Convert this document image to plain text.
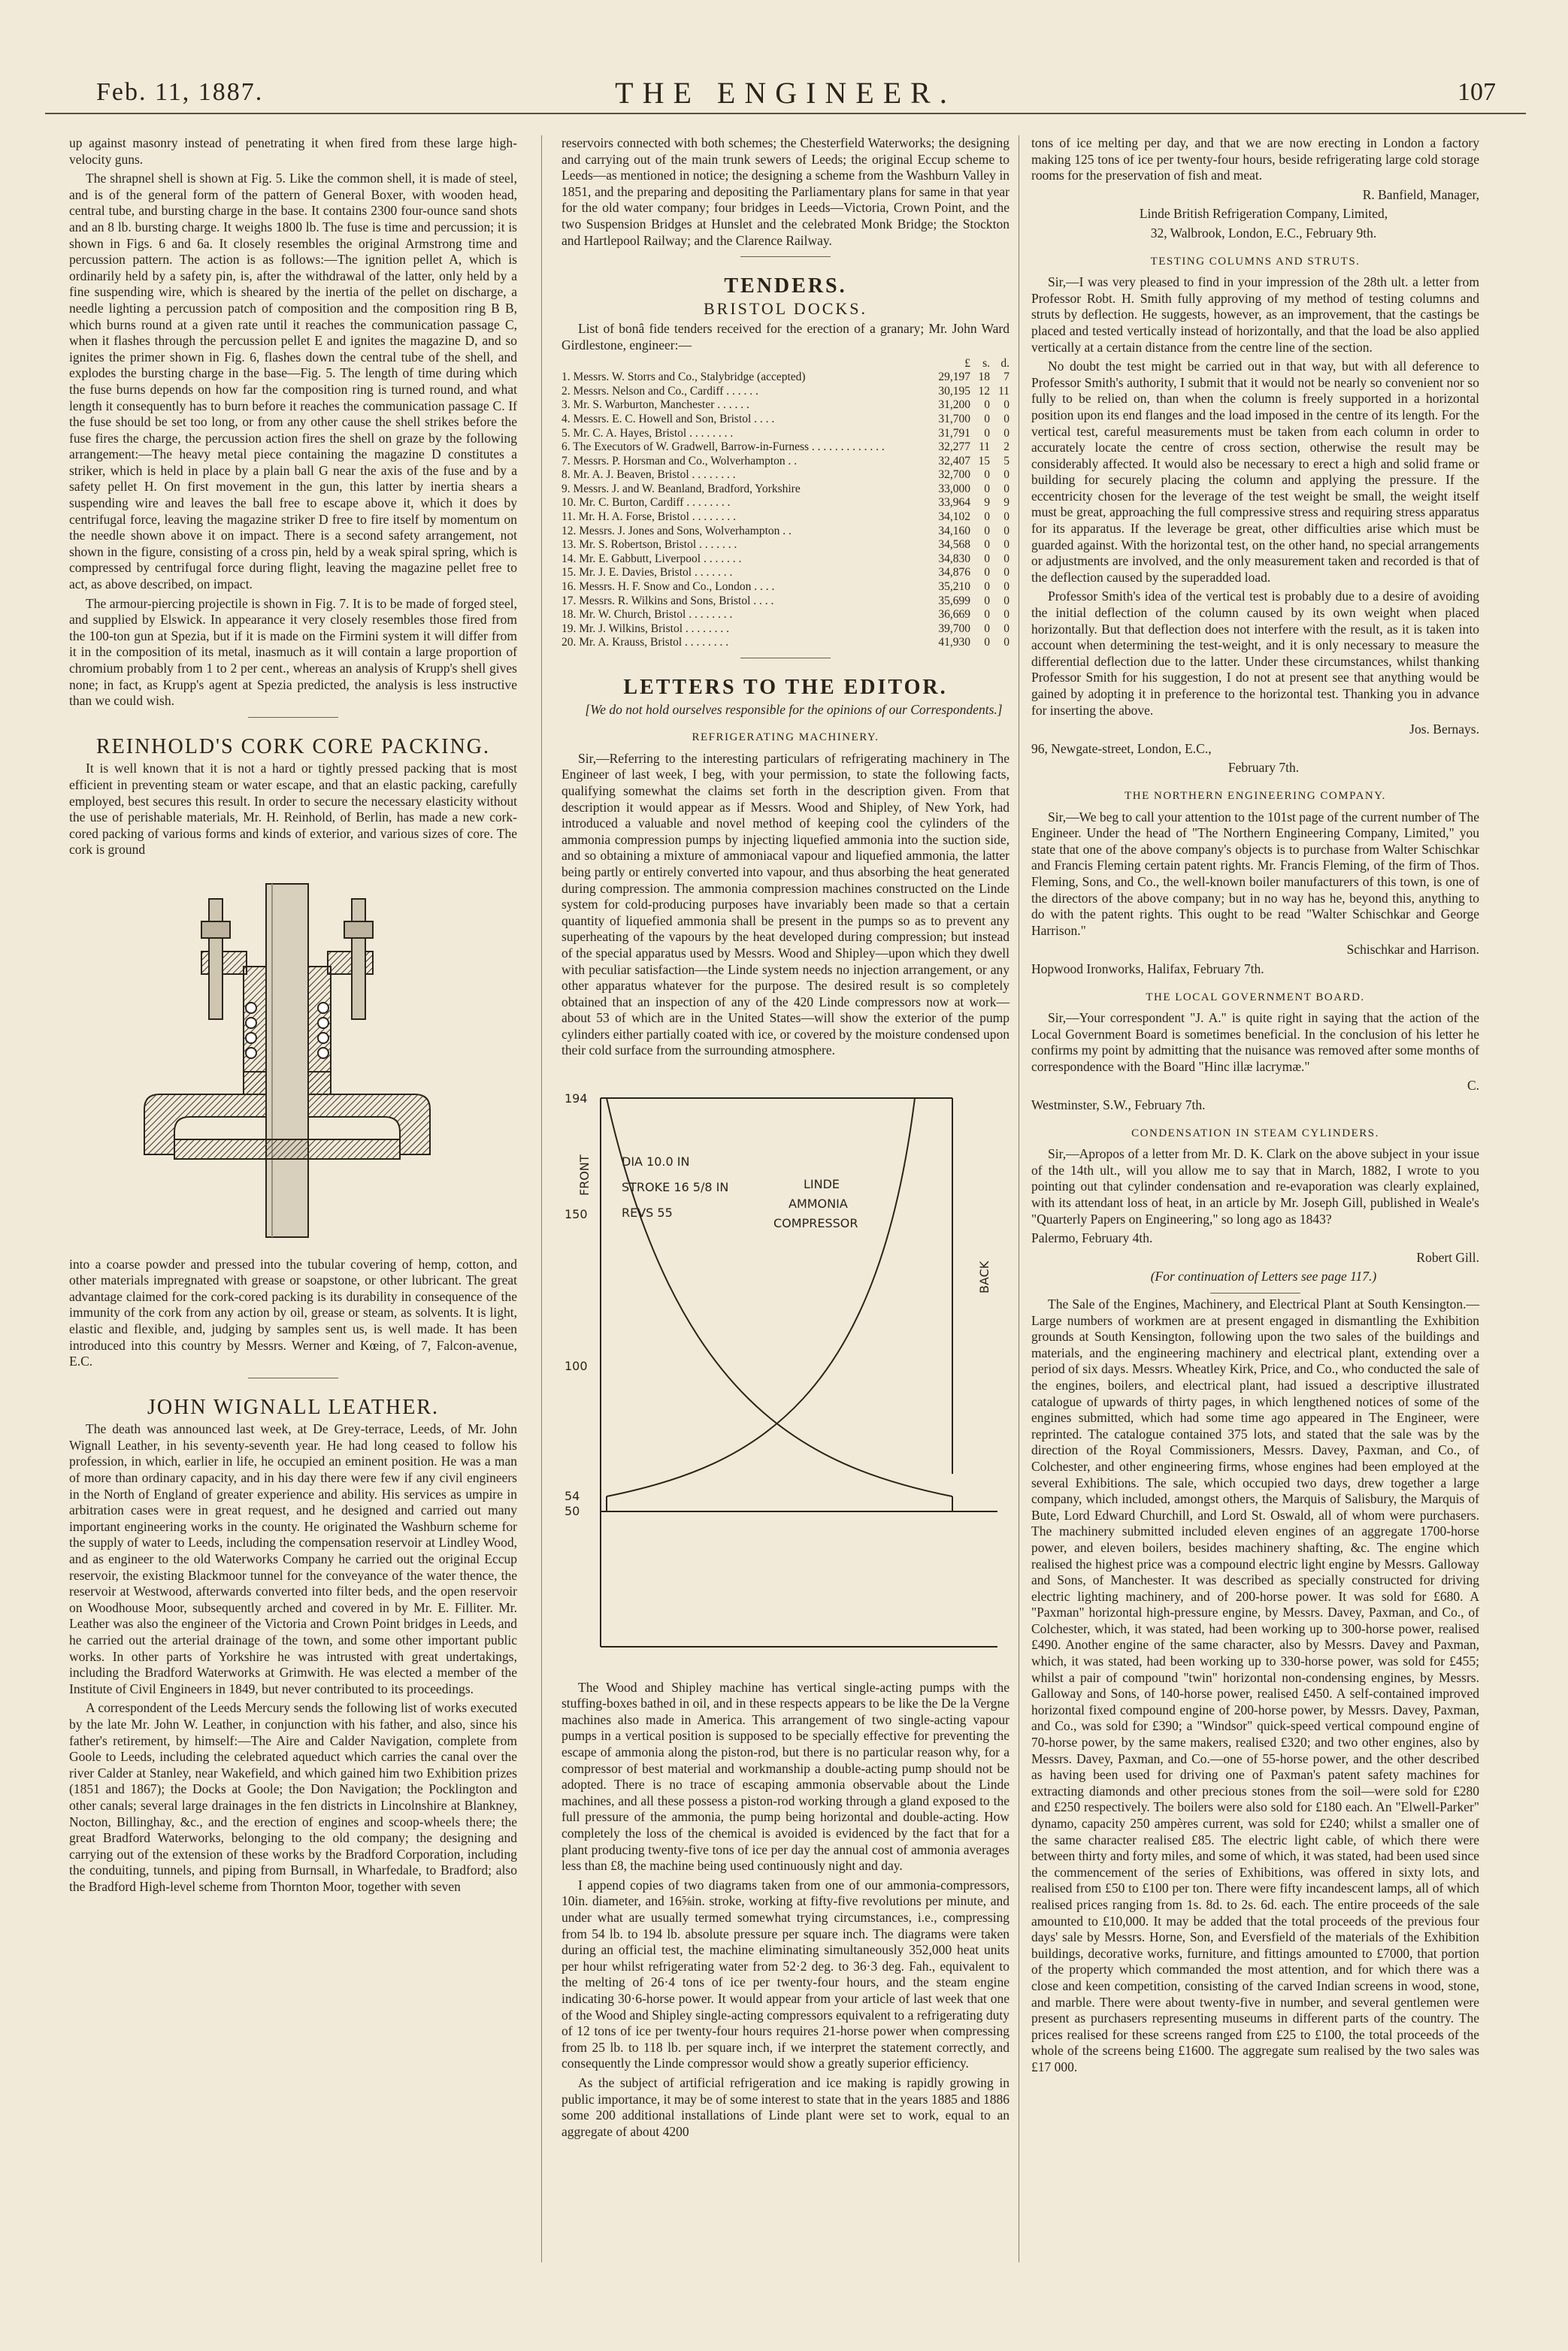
Feb. 11, 1887.	THE ENGINEER.	107

up against masonry instead of penetrating it when fired from these large high-velocity guns.

The shrapnel shell is shown at Fig. 5. Like the common shell, it is made of steel, and is of the general form of the pattern of General Boxer, with wooden head, central tube, and bursting charge in the base. It contains 2300 four-ounce sand shots and an 8 lb. bursting charge. It weighs 1800 lb. The fuse is time and percussion; it is shown in Figs. 6 and 6a. It closely resembles the original Armstrong time and percussion pattern. The action is as follows:—The ignition pellet A, which is ordinarily held by a safety pin, is, after the withdrawal of the latter, only held by a fine suspending wire, which is sheared by the inertia of the pellet on discharge, a needle lighting a percussion patch of composition and the composition ring B B, which burns round at a given rate until it reaches the communication passage C, when it flashes through the percussion pellet E and ignites the magazine D, and so ignites the primer shown in Fig. 6, flashes down the central tube of the shell, and explodes the bursting charge in the base—Fig. 5. The length of time during which the fuse burns depends on how far the composition ring is turned round, and what length it consequently has to burn before it reaches the communication passage C. If the fuse should be set too long, or from any other cause the shell strikes before the fuse fires the charge, the percussion action fires the shell on graze by the following arrangement:—The heavy metal piece containing the magazine D constitutes a striker, which is held in place by a plain ball G near the axis of the fuse and by a safety pellet H. On first movement in the gun, this latter by inertia shears a suspending wire and leaves the ball free to escape above it, which it does by centrifugal force, leaving the magazine striker D free to fire itself by momentum on the needle shown above it on impact. There is a second safety arrangement, not shown in the figure, consisting of a cross pin, held by a weak spiral spring, which is compressed by centrifugal force during flight, leaving the magazine pellet free to act, as above described, on impact.

The armour-piercing projectile is shown in Fig. 7. It is to be made of forged steel, and supplied by Elswick. In appearance it very closely resembles those fired from the 100-ton gun at Spezia, but if it is made on the Firmini system it will differ from it in the composition of its metal, inasmuch as it will contain a large proportion of chromium probably from 1 to 2 per cent., whereas an analysis of Krupp's shell gives none; in fact, as Krupp's agent at Spezia predicted, the analysis is less instructive than we could wish.

REINHOLD'S CORK CORE PACKING.

It is well known that it is not a hard or tightly pressed packing that is most efficient in preventing steam or water escape, and that an elastic packing, carefully employed, best secures this result. In order to secure the necessary elasticity without the use of perishable materials, Mr. H. Reinhold, of Berlin, has made a new cork-cored packing of various forms and kinds of exterior, and various sizes of core. The cork is ground

into a coarse powder and pressed into the tubular covering of hemp, cotton, and other materials impregnated with grease or soapstone, or other lubricant. The great advantage claimed for the cork-cored packing is its durability in consequence of the immunity of the cork from any action by oil, grease or steam, as solvents. It is light, elastic and flexible, and, judging by samples sent us, is well made. It has been introduced into this country by Messrs. Werner and Kœing, of 7, Falcon-avenue, E.C.

JOHN WIGNALL LEATHER.

The death was announced last week, at De Grey-terrace, Leeds, of Mr. John Wignall Leather, in his seventy-seventh year. He had long ceased to follow his profession, in which, earlier in life, he occupied an eminent position. He was a man of more than ordinary capacity, and in his day there were few if any civil engineers in the North of England of greater experience and ability. His services as umpire in arbitration cases were in great request, and he designed and carried out many important engineering works in the county. He originated the Washburn scheme for the supply of water to Leeds, including the compensation reservoir at Lindley Wood, and as engineer to the old Waterworks Company he carried out the original Eccup reservoir, the existing Blackmoor tunnel for the conveyance of the water thence, the reservoir at Westwood, afterwards converted into filter beds, and the open reservoir on Woodhouse Moor, subsequently arched and covered in by Mr. E. Filliter. Mr. Leather was also the engineer of the Victoria and Crown Point bridges in Leeds, and he carried out the arterial drainage of the town, and some other important public works. In other parts of Yorkshire he was intrusted with great undertakings, including the Bradford Waterworks at Grimwith. He was elected a member of the Institute of Civil Engineers in 1849, but never contributed to its proceedings.

A correspondent of the Leeds Mercury sends the following list of works executed by the late Mr. John W. Leather, in conjunction with his father, and also, since his father's retirement, by himself:—The Aire and Calder Navigation, complete from Goole to Leeds, including the celebrated aqueduct which carries the canal over the river Calder at Stanley, near Wakefield, and which gained him two Exhibition prizes (1851 and 1867); the Docks at Goole; the Don Navigation; the Pocklington and other canals; several large drainages in the fen districts in Lincolnshire at Blankney, Nocton, Billinghay, &c., and the erection of engines and scoop-wheels there; the great Bradford Waterworks, belonging to the old company; the designing and carrying out of the extension of these works by the Bradford Corporation, including the conduiting, tunnels, and piping from Burnsall, in Wharfedale, to Bradford; also the Bradford High-level scheme from Thornton Moor, together with seven

reservoirs connected with both schemes; the Chesterfield Waterworks; the designing and carrying out of the main trunk sewers of Leeds; the original Eccup scheme to Leeds—as mentioned in notice; the designing a scheme from the Washburn Valley in 1851, and the preparing and depositing the Parliamentary plans for same in that year for the old water company; four bridges in Leeds—Victoria, Crown Point, and the two Suspension Bridges at Hunslet and the celebrated Monk Bridge; the Stockton and Hartlepool Railway; and the Clarence Railway.

TENDERS.
BRISTOL DOCKS.

List of bonâ fide tenders received for the erection of a granary; Mr. John Ward Girdlestone, engineer:—

	£	s.	d.
1. Messrs. W. Storrs and Co., Stalybridge (accepted)	29,197	18	7
2. Messrs. Nelson and Co., Cardiff . . . . . .	30,195	12	11
3. Mr. S. Warburton, Manchester . . . . . .	31,200	0	0
4. Messrs. E. C. Howell and Son, Bristol . . . .	31,700	0	0
5. Mr. C. A. Hayes, Bristol . . . . . . . .	31,791	0	0
6. The Executors of W. Gradwell, Barrow-in-Furness . . . . . . . . . . . . .	32,277	11	2
7. Messrs. P. Horsman and Co., Wolverhampton . .	32,407	15	5
8. Mr. A. J. Beaven, Bristol . . . . . . . .	32,700	0	0
9. Messrs. J. and W. Beanland, Bradford, Yorkshire	33,000	0	0
10. Mr. C. Burton, Cardiff . . . . . . . .	33,964	9	9
11. Mr. H. A. Forse, Bristol . . . . . . . .	34,102	0	0
12. Messrs. J. Jones and Sons, Wolverhampton . .	34,160	0	0
13. Mr. S. Robertson, Bristol . . . . . . .	34,568	0	0
14. Mr. E. Gabbutt, Liverpool . . . . . . .	34,830	0	0
15. Mr. J. E. Davies, Bristol . . . . . . .	34,876	0	0
16. Messrs. H. F. Snow and Co., London . . . .	35,210	0	0
17. Messrs. R. Wilkins and Sons, Bristol . . . .	35,699	0	0
18. Mr. W. Church, Bristol . . . . . . . .	36,669	0	0
19. Mr. J. Wilkins, Bristol . . . . . . . .	39,700	0	0
20. Mr. A. Krauss, Bristol . . . . . . . .	41,930	0	0
LETTERS TO THE EDITOR.

[We do not hold ourselves responsible for the opinions of our Correspondents.]

REFRIGERATING MACHINERY.

Sir,—Referring to the interesting particulars of refrigerating machinery in The Engineer of last week, I beg, with your permission, to state the following facts, qualifying somewhat the claims set forth in the description given. From that description it would appear as if Messrs. Wood and Shipley, of New York, had introduced a valuable and novel method of keeping cool the cylinders of the ammonia compression pumps by injecting liquefied ammonia into the suction side, and so obtaining a mixture of ammoniacal vapour and liquefied ammonia, the latter being partly or entirely converted into vapour, and thus absorbing the heat generated during compression. The ammonia compression machines constructed on the Linde system for cold-producing purposes have invariably been made so that a certain quantity of liquefied ammonia shall be present in the pumps so as to prevent any superheating of the vapours by the heat developed during compression; but instead of the special apparatus used by Messrs. Wood and Shipley—upon which they dwell with peculiar satisfaction—the Linde system needs no injection arrangement, or any other apparatus whatever for the purpose. The desired result is so completely obtained that an inspection of any of the 420 Linde compressors now at work—about 53 of which are in the United States—will show the exterior of the pump cylinders either partially coated with ice, or covered by the moisture condensed upon their cold surface from the surrounding atmosphere.

194
150
100
54
50
FRONT
BACK
DIA 10.0 IN
STROKE 16 5/8 IN
REVS 55
LINDE
AMMONIA
COMPRESSOR

The Wood and Shipley machine has vertical single-acting pumps with the stuffing-boxes bathed in oil, and in these respects appears to be like the De la Vergne machines also made in America. This arrangement of two single-acting vapour pumps in a vertical position is supposed to be specially effective for preventing the escape of ammonia along the piston-rod, but there is no particular reason why, for a compressor of best material and workmanship a double-acting pump should not be adopted. There is no trace of escaping ammonia observable about the Linde machines, and all these possess a piston-rod working through a gland exposed to the full pressure of the ammonia, the pump being horizontal and double-acting. How completely the loss of the chemical is avoided is evidenced by the fact that for a plant producing twenty-five tons of ice per day the annual cost of ammonia averages less than £8, the machine being used continuously night and day.

I append copies of two diagrams taken from one of our ammonia-compressors, 10in. diameter, and 16⅝in. stroke, working at fifty-five revolutions per minute, and under what are usually termed somewhat trying circumstances, i.e., compressing from 54 lb. to 194 lb. absolute pressure per square inch. The diagrams were taken during an official test, the machine eliminating simultaneously 352,000 heat units per hour whilst refrigerating water from 52·2 deg. to 36·3 deg. Fah., equivalent to the melting of 26·4 tons of ice per twenty-four hours, and the steam engine indicating 30·6-horse power. It would appear from your article of last week that one of the Wood and Shipley single-acting compressors equivalent to a refrigerating duty of 12 tons of ice per twenty-four hours requires 21-horse power when compressing from 25 lb. to 118 lb. per square inch, if we interpret the statement correctly, and consequently the Linde compressor would show a greatly superior efficiency.

As the subject of artificial refrigeration and ice making is rapidly growing in public importance, it may be of some interest to state that in the years 1885 and 1886 some 200 additional installations of Linde plant were set to work, equal to an aggregate of about 4200

tons of ice melting per day, and that we are now erecting in London a factory making 125 tons of ice per twenty-four hours, beside refrigerating large cold storage rooms for the preservation of fish and meat.

R. Banfield, Manager,

Linde British Refrigeration Company, Limited,

32, Walbrook, London, E.C., February 9th.

TESTING COLUMNS AND STRUTS.

Sir,—I was very pleased to find in your impression of the 28th ult. a letter from Professor Robt. H. Smith fully approving of my method of testing columns and struts by deflection. He suggests, however, as an improvement, that the castings be placed and tested vertically instead of horizontally, and that the load be also applied vertically at a certain distance from the centre line of the section.

No doubt the test might be carried out in that way, but with all deference to Professor Smith's authority, I submit that it would not be nearly so convenient nor so fully to be relied on, than when the column is freely supported in a horizontal position upon its end flanges and the load imposed in the centre of its length. For the vertical test, careful measurements must be taken from each column in order to accurately locate the centre of cross section, otherwise the result may be considerably affected. It would also be necessary to erect a high and solid frame or building for securely placing the column and applying the pressure. If the eccentricity chosen for the leverage of the test weight be small, the weight itself must be great, approaching the full compressive stress and requiring stress apparatus for its apparatus. If the leverage be great, other difficulties arise which must be guarded against. With the horizontal test, on the other hand, no special arrangements or adjustments are involved, and the only measurement taken and recorded is that of the deflection caused by the superadded load.

Professor Smith's idea of the vertical test is probably due to a desire of avoiding the initial deflection of the column caused by its own weight when placed horizontally. But that deflection does not interfere with the result, as it is taken into account when determining the test-weight, and it is only necessary to measure the differential deflection due to the latter. Under these circumstances, whilst thanking Professor Smith for his suggestion, I do not at present see that anything would be gained by adopting it in preference to the horizontal test. Thanking you in advance for inserting the above.

Jos. Bernays.

96, Newgate-street, London, E.C.,

February 7th.

THE NORTHERN ENGINEERING COMPANY.

Sir,—We beg to call your attention to the 101st page of the current number of The Engineer. Under the head of "The Northern Engineering Company, Limited," you state that one of the above company's objects is to purchase from Walter Schischkar and Francis Fleming certain patent rights. Mr. Francis Fleming, of the firm of Thos. Fleming, Sons, and Co., the well-known boiler manufacturers of this town, is one of the directors of the above company; but in no way has he, beyond this, anything to do with the patent rights. This ought to be read "Walter Schischkar and George Harrison."

Schischkar and Harrison.

Hopwood Ironworks, Halifax, February 7th.

THE LOCAL GOVERNMENT BOARD.

Sir,—Your correspondent "J. A." is quite right in saying that the action of the Local Government Board is sometimes beneficial. In the conclusion of his letter he confirms my point by admitting that the nuisance was removed after some months of correspondence with the Board "Hinc illæ lacrymæ."

C.

Westminster, S.W., February 7th.

CONDENSATION IN STEAM CYLINDERS.

Sir,—Apropos of a letter from Mr. D. K. Clark on the above subject in your issue of the 14th ult., will you allow me to say that in March, 1882, I wrote to you pointing out that cylinder condensation and re-evaporation was clearly explained, with its attendant loss of heat, in an article by Mr. Joseph Gill, published in Weale's "Quarterly Papers on Engineering," so long ago as 1843?

Palermo, February 4th.

Robert Gill.

(For continuation of Letters see page 117.)

The Sale of the Engines, Machinery, and Electrical Plant at South Kensington.—Large numbers of workmen are at present engaged in dismantling the Exhibition grounds at South Kensington, following upon the two sales of the buildings and materials, and the engineering machinery and electrical plant, extending over a period of six days. Messrs. Wheatley Kirk, Price, and Co., who conducted the sale of the engines, boilers, and electrical plant, had issued a descriptive illustrated catalogue of upwards of thirty pages, in which lengthened notices of some of the engines submitted, which had some time ago appeared in The Engineer, were reprinted. The catalogue contained 375 lots, and stated that the sale was by the direction of the Royal Commissioners, Messrs. Davey, Paxman, and Co., of Colchester, and other engineering firms, whose engines had been employed at the several Exhibitions. The sale, which occupied two days, drew together a large company, which included, amongst others, the Marquis of Salisbury, the Marquis of Bute, Lord Edward Churchill, and Lord St. Oswald, all of whom were purchasers. The machinery submitted included eleven engines of an aggregate 1700-horse power, and eleven boilers, besides machinery shafting, &c. The engine which realised the highest price was a compound electric light engine by Messrs. Galloway and Sons, of Manchester. It was described as specially constructed for driving electric lighting machinery, and of 200-horse power. It was sold for £680. A "Paxman" horizontal high-pressure engine, by Messrs. Davey, Paxman, and Co., of Colchester, which, it was stated, had been working up to 300-horse power, realised £490. Another engine of the same character, also by Messrs. Davey and Paxman, which, it was stated, had been working up to 330-horse power, was sold for £455; whilst a pair of compound "twin" horizontal non-condensing engines, by Messrs. Galloway and Sons, of 140-horse power, realised £450. A self-contained improved horizontal fixed compound engine of 200-horse power, by Messrs. Davey, Paxman, and Co., was sold for £390; a "Windsor" quick-speed vertical compound engine of 70-horse power, by the same makers, realised £320; and two other engines, also by Messrs. Davey, Paxman, and Co.—one of 55-horse power, and the other described as having been used for driving one of Paxman's patent safety machines for extracting diamonds and other precious stones from the soil—were sold for £280 and £250 respectively. The boilers were also sold for £180 each. An "Elwell-Parker" dynamo, capacity 250 ampères current, was sold for £240; whilst a smaller one of the same character realised £85. The electric light cable, of which there were between thirty and forty miles, and some of which, it was stated, had been used since the commencement of the series of Exhibitions, was offered in sixty lots, and realised from £50 to £100 per ton. There were fifty incandescent lamps, all of which realised prices ranging from 1s. 8d. to 2s. 6d. each. The entire proceeds of the sale amounted to £10,000. It may be added that the total proceeds of the previous four days' sale by Messrs. Horne, Son, and Eversfield of the materials of the Exhibition buildings, decorative works, furniture, and fittings amounted to £7000, that portion of the property which commanded the most attention, and for which there was a close and keen competition, consisting of the carved Indian screens in wood, stone, and marble. There were about twenty-five in number, and several gentlemen were present as purchasers representing museums in different parts of the country. The prices realised for these screens ranged from £25 to £100, the total proceeds of the whole of the screens being £1600. The aggregate sum realised by the two sales was £17 000.
